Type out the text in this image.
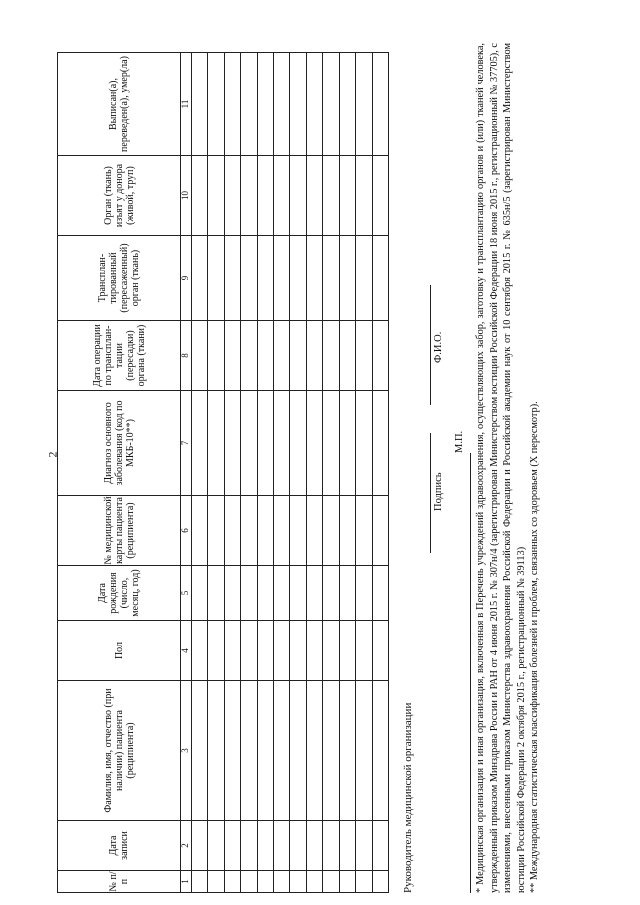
2
№ п/п	Дата записи	Фамилия, имя, отчество (при наличии) пациента (реципиента)	Пол	Дата рождения (число, месяц, год)	№ медицинской карты пациента (реципиента)	Диагноз основного заболевания (код по МКБ-10**)	Дата операции по трансплан-тации (пересадки) органа (ткани)	Трансплан-тированный (пересаженный) орган (ткань)	Орган (ткань) изъят у донора (живой, труп)	Выписан(а), переведен(а), умер(ла)
1	2	3	4	5	6	7	8	9	10	11

Руководитель медицинской организации
Подпись
Ф.И.О.
М.П. * Медицинская организация и иная организация, включенная в Перечень учреждений здравоохранения, осуществляющих забор, заготовку и трансплантацию органов и (или) тканей человека, утвержденный приказом Минздрава России и РАН от 4 июня 2015 г. № 307н/4 (зарегистрирован Министерством юстиции Российской Федерации 18 июня 2015 г., регистрационный № 37705), с изменениями, внесенными приказом Министерства здравоохранения Российской Федерации и Российской академии наук от 10 сентября 2015 г. № 635н/5 (зарегистрирован Министерством юстиции Российской Федерации 2 октября 2015 г., регистрационный № 39113) ** Международная статистическая классификация болезней и проблем, связанных со здоровьем (X пересмотр).
